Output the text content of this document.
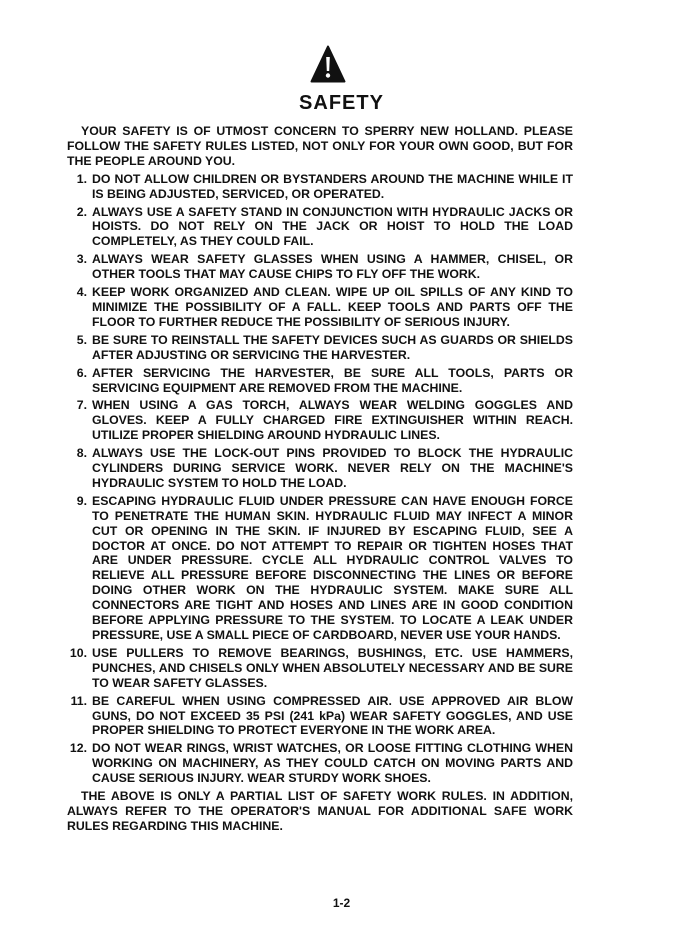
SAFETY

YOUR SAFETY IS OF UTMOST CONCERN TO SPERRY NEW HOLLAND. PLEASE FOLLOW THE SAFETY RULES LISTED, NOT ONLY FOR YOUR OWN GOOD, BUT FOR THE PEOPLE AROUND YOU.

1. DO NOT ALLOW CHILDREN OR BYSTANDERS AROUND THE MACHINE WHILE IT IS BEING ADJUSTED, SERVICED, OR OPERATED.
2. ALWAYS USE A SAFETY STAND IN CONJUNCTION WITH HYDRAULIC JACKS OR HOISTS. DO NOT RELY ON THE JACK OR HOIST TO HOLD THE LOAD COMPLETELY, AS THEY COULD FAIL.
3. ALWAYS WEAR SAFETY GLASSES WHEN USING A HAMMER, CHISEL, OR OTHER TOOLS THAT MAY CAUSE CHIPS TO FLY OFF THE WORK.
4. KEEP WORK ORGANIZED AND CLEAN. WIPE UP OIL SPILLS OF ANY KIND TO MINIMIZE THE POSSIBILITY OF A FALL. KEEP TOOLS AND PARTS OFF THE FLOOR TO FURTHER REDUCE THE POSSIBILITY OF SERIOUS INJURY.
5. BE SURE TO REINSTALL THE SAFETY DEVICES SUCH AS GUARDS OR SHIELDS AFTER ADJUSTING OR SERVICING THE HARVESTER.
6. AFTER SERVICING THE HARVESTER, BE SURE ALL TOOLS, PARTS OR SERVICING EQUIPMENT ARE REMOVED FROM THE MACHINE.
7. WHEN USING A GAS TORCH, ALWAYS WEAR WELDING GOGGLES AND GLOVES. KEEP A FULLY CHARGED FIRE EXTINGUISHER WITHIN REACH. UTILIZE PROPER SHIELDING AROUND HYDRAULIC LINES.
8. ALWAYS USE THE LOCK-OUT PINS PROVIDED TO BLOCK THE HYDRAULIC CYLINDERS DURING SERVICE WORK. NEVER RELY ON THE MACHINE'S HYDRAULIC SYSTEM TO HOLD THE LOAD.
9. ESCAPING HYDRAULIC FLUID UNDER PRESSURE CAN HAVE ENOUGH FORCE TO PENETRATE THE HUMAN SKIN. HYDRAULIC FLUID MAY INFECT A MINOR CUT OR OPENING IN THE SKIN. IF INJURED BY ESCAPING FLUID, SEE A DOCTOR AT ONCE. DO NOT ATTEMPT TO REPAIR OR TIGHTEN HOSES THAT ARE UNDER PRESSURE. CYCLE ALL HYDRAULIC CONTROL VALVES TO RELIEVE ALL PRESSURE BEFORE DISCONNECTING THE LINES OR BEFORE DOING OTHER WORK ON THE HYDRAULIC SYSTEM. MAKE SURE ALL CONNECTORS ARE TIGHT AND HOSES AND LINES ARE IN GOOD CONDITION BEFORE APPLYING PRESSURE TO THE SYSTEM. TO LOCATE A LEAK UNDER PRESSURE, USE A SMALL PIECE OF CARDBOARD, NEVER USE YOUR HANDS.
10. USE PULLERS TO REMOVE BEARINGS, BUSHINGS, ETC. USE HAMMERS, PUNCHES, AND CHISELS ONLY WHEN ABSOLUTELY NECESSARY AND BE SURE TO WEAR SAFETY GLASSES.
11. BE CAREFUL WHEN USING COMPRESSED AIR. USE APPROVED AIR BLOW GUNS, DO NOT EXCEED 35 PSI (241 kPa) WEAR SAFETY GOGGLES, AND USE PROPER SHIELDING TO PROTECT EVERYONE IN THE WORK AREA.
12. DO NOT WEAR RINGS, WRIST WATCHES, OR LOOSE FITTING CLOTHING WHEN WORKING ON MACHINERY, AS THEY COULD CATCH ON MOVING PARTS AND CAUSE SERIOUS INJURY. WEAR STURDY WORK SHOES.

THE ABOVE IS ONLY A PARTIAL LIST OF SAFETY WORK RULES. IN ADDITION, ALWAYS REFER TO THE OPERATOR'S MANUAL FOR ADDITIONAL SAFE WORK RULES REGARDING THIS MACHINE.

1-2
